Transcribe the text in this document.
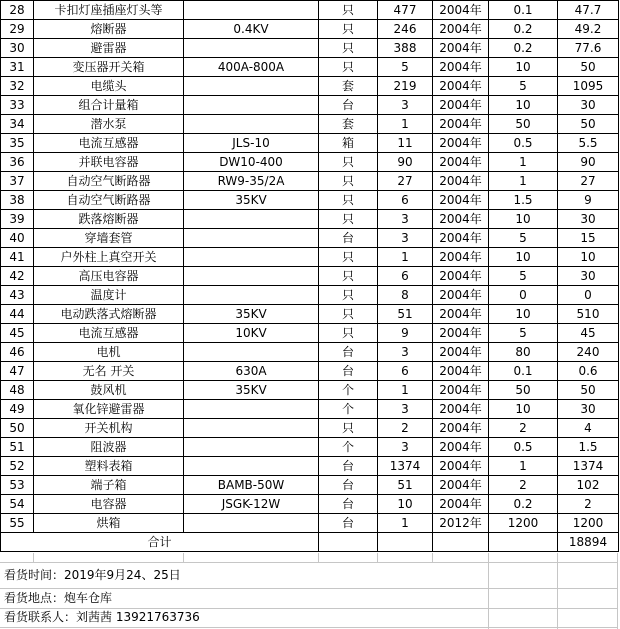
28	卡扣灯座插座灯头等		只	477	2004年	0.1	47.7
29	熔断器	0.4KV	只	246	2004年	0.2	49.2
30	避雷器		只	388	2004年	0.2	77.6
31	变压器开关箱	400A-800A	只	5	2004年	10	50
32	电缆头		套	219	2004年	5	1095
33	组合计量箱		台	3	2004年	10	30
34	潜水泵		套	1	2004年	50	50
35	电流互感器	JLS-10	箱	11	2004年	0.5	5.5
36	并联电容器	DW10-400	只	90	2004年	1	90
37	自动空气断路器	RW9-35/2A	只	27	2004年	1	27
38	自动空气断路器	35KV	只	6	2004年	1.5	9
39	跌落熔断器		只	3	2004年	10	30
40	穿墙套管		台	3	2004年	5	15
41	户外柱上真空开关		只	1	2004年	10	10
42	高压电容器		只	6	2004年	5	30
43	温度计		只	8	2004年	0	0
44	电动跌落式熔断器	35KV	只	51	2004年	10	510
45	电流互感器	10KV	只	9	2004年	5	45
46	电机		台	3	2004年	80	240
47	无名 开关	630A	台	6	2004年	0.1	0.6
48	鼓风机	35KV	个	1	2004年	50	50
49	氧化锌避雷器		个	3	2004年	10	30
50	开关机构		只	2	2004年	2	4
51	阻波器		个	3	2004年	0.5	1.5
52	塑料表箱		台	1374	2004年	1	1374
53	端子箱	BAMB-50W	台	51	2004年	2	102
54	电容器	JSGK-12W	台	10	2004年	0.2	2
55	烘箱		台	1	2012年	1200	1200
合计							18894
看货时间：2019年9月24、25日
看货地点：炮车仓库
看货联系人：刘茜茜 13921763736
